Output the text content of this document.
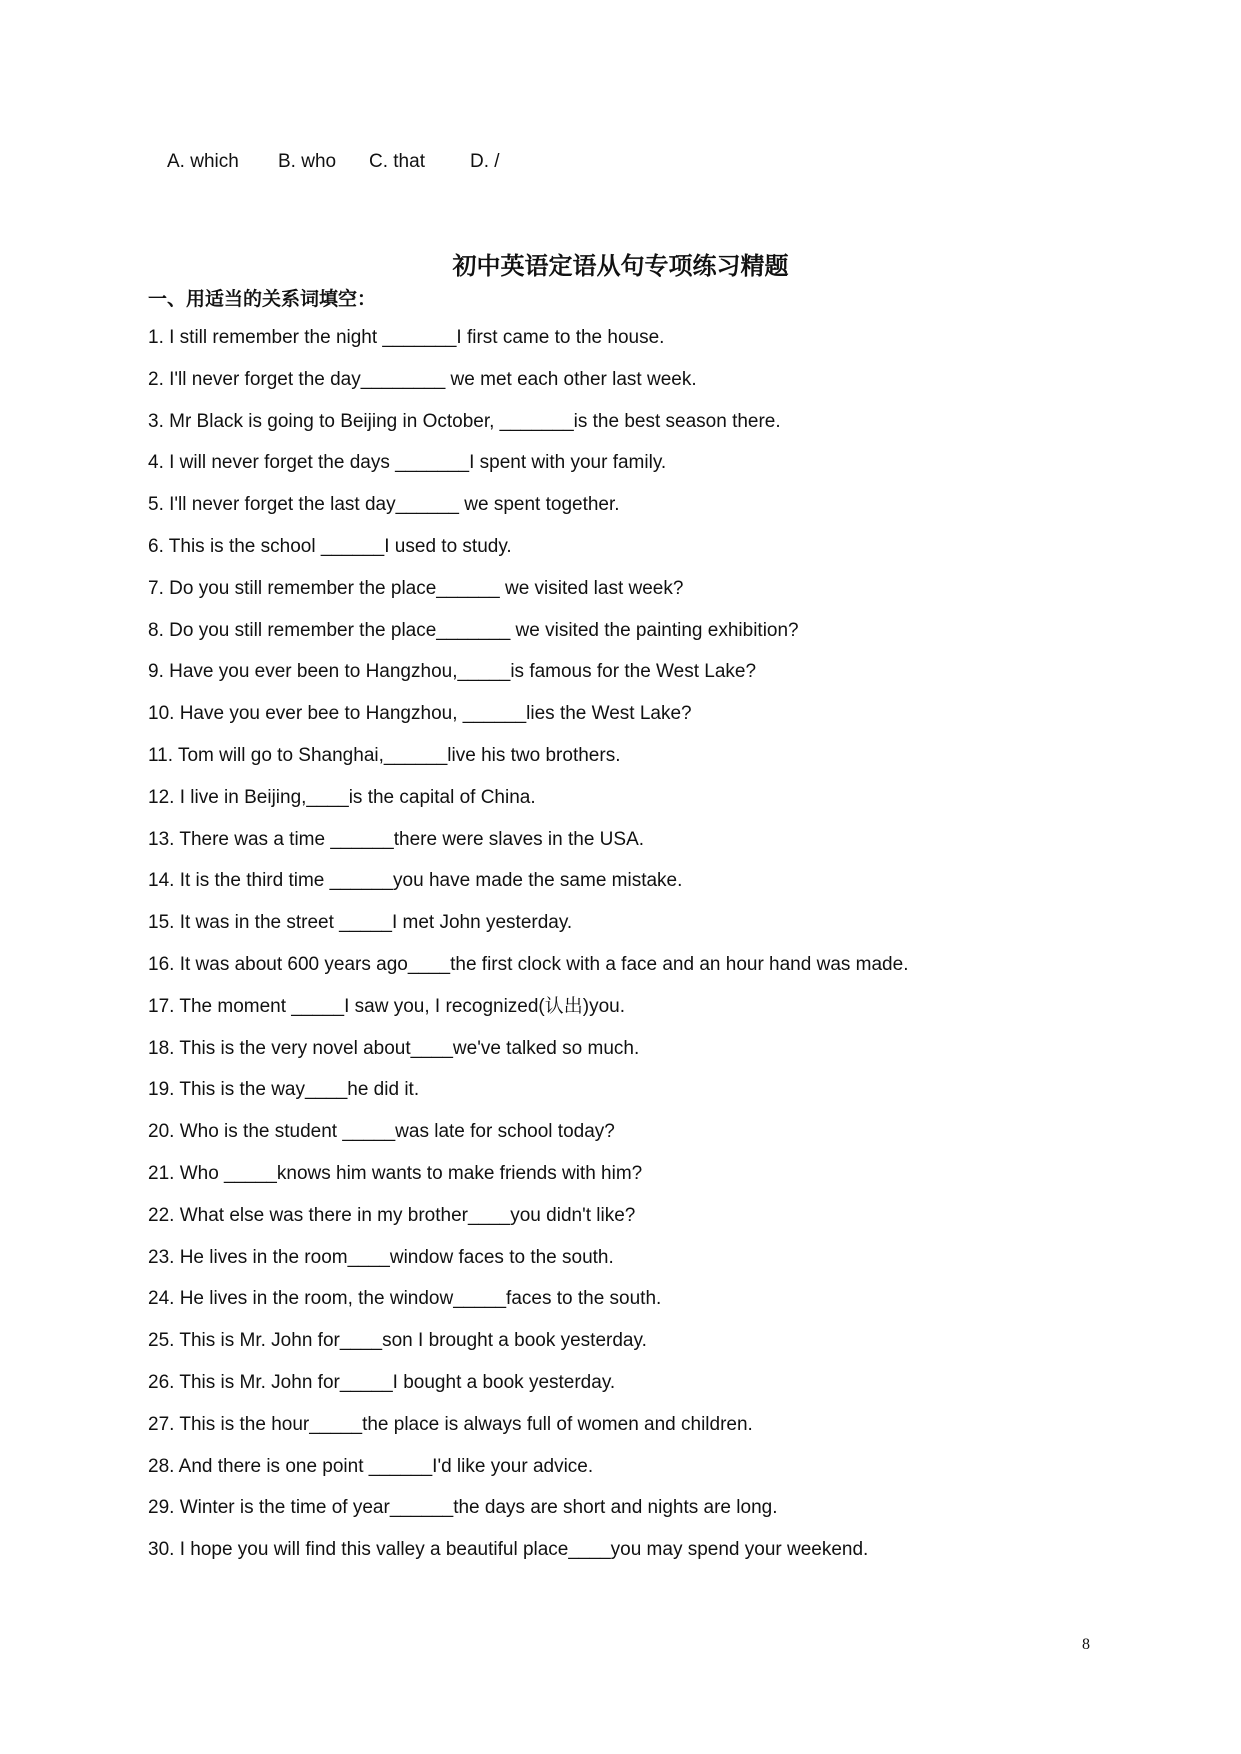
A. which B. who C. that D. /
初中英语定语从句专项练习精题
一、用适当的关系词填空：
1. I still remember the night _______I first came to the house.
2. I'll never forget the day________ we met each other last week.
3. Mr Black is going to Beijing in October, _______is the best season there.
4. I will never forget the days _______I spent with your family.
5. I'll never forget the last day______ we spent together.
6. This is the school ______I used to study.
7. Do you still remember the place______ we visited last week?
8. Do you still remember the place_______ we visited the painting exhibition?
9. Have you ever been to Hangzhou,_____is famous for the West Lake?
10. Have you ever bee to Hangzhou, ______lies the West Lake?
11. Tom will go to Shanghai,______live his two brothers.
12. I live in Beijing,____is the capital of China.
13. There was a time ______there were slaves in the USA.
14. It is the third time ______you have made the same mistake.
15. It was in the street _____I met John yesterday.
16. It was about 600 years ago____the first clock with a face and an hour hand was made.
17. The moment _____I saw you, I recognized(认出)you.
18. This is the very novel about____we've talked so much.
19. This is the way____he did it.
20. Who is the student _____was late for school today?
21. Who _____knows him wants to make friends with him?
22. What else was there in my brother____you didn't like?
23. He lives in the room____window faces to the south.
24. He lives in the room, the window_____faces to the south.
25. This is Mr. John for____son I brought a book yesterday.
26. This is Mr. John for_____I bought a book yesterday.
27. This is the hour_____the place is always full of women and children.
28. And there is one point ______I'd like your advice.
29. Winter is the time of year______the days are short and nights are long.
30. I hope you will find this valley a beautiful place____you may spend your weekend.
8
